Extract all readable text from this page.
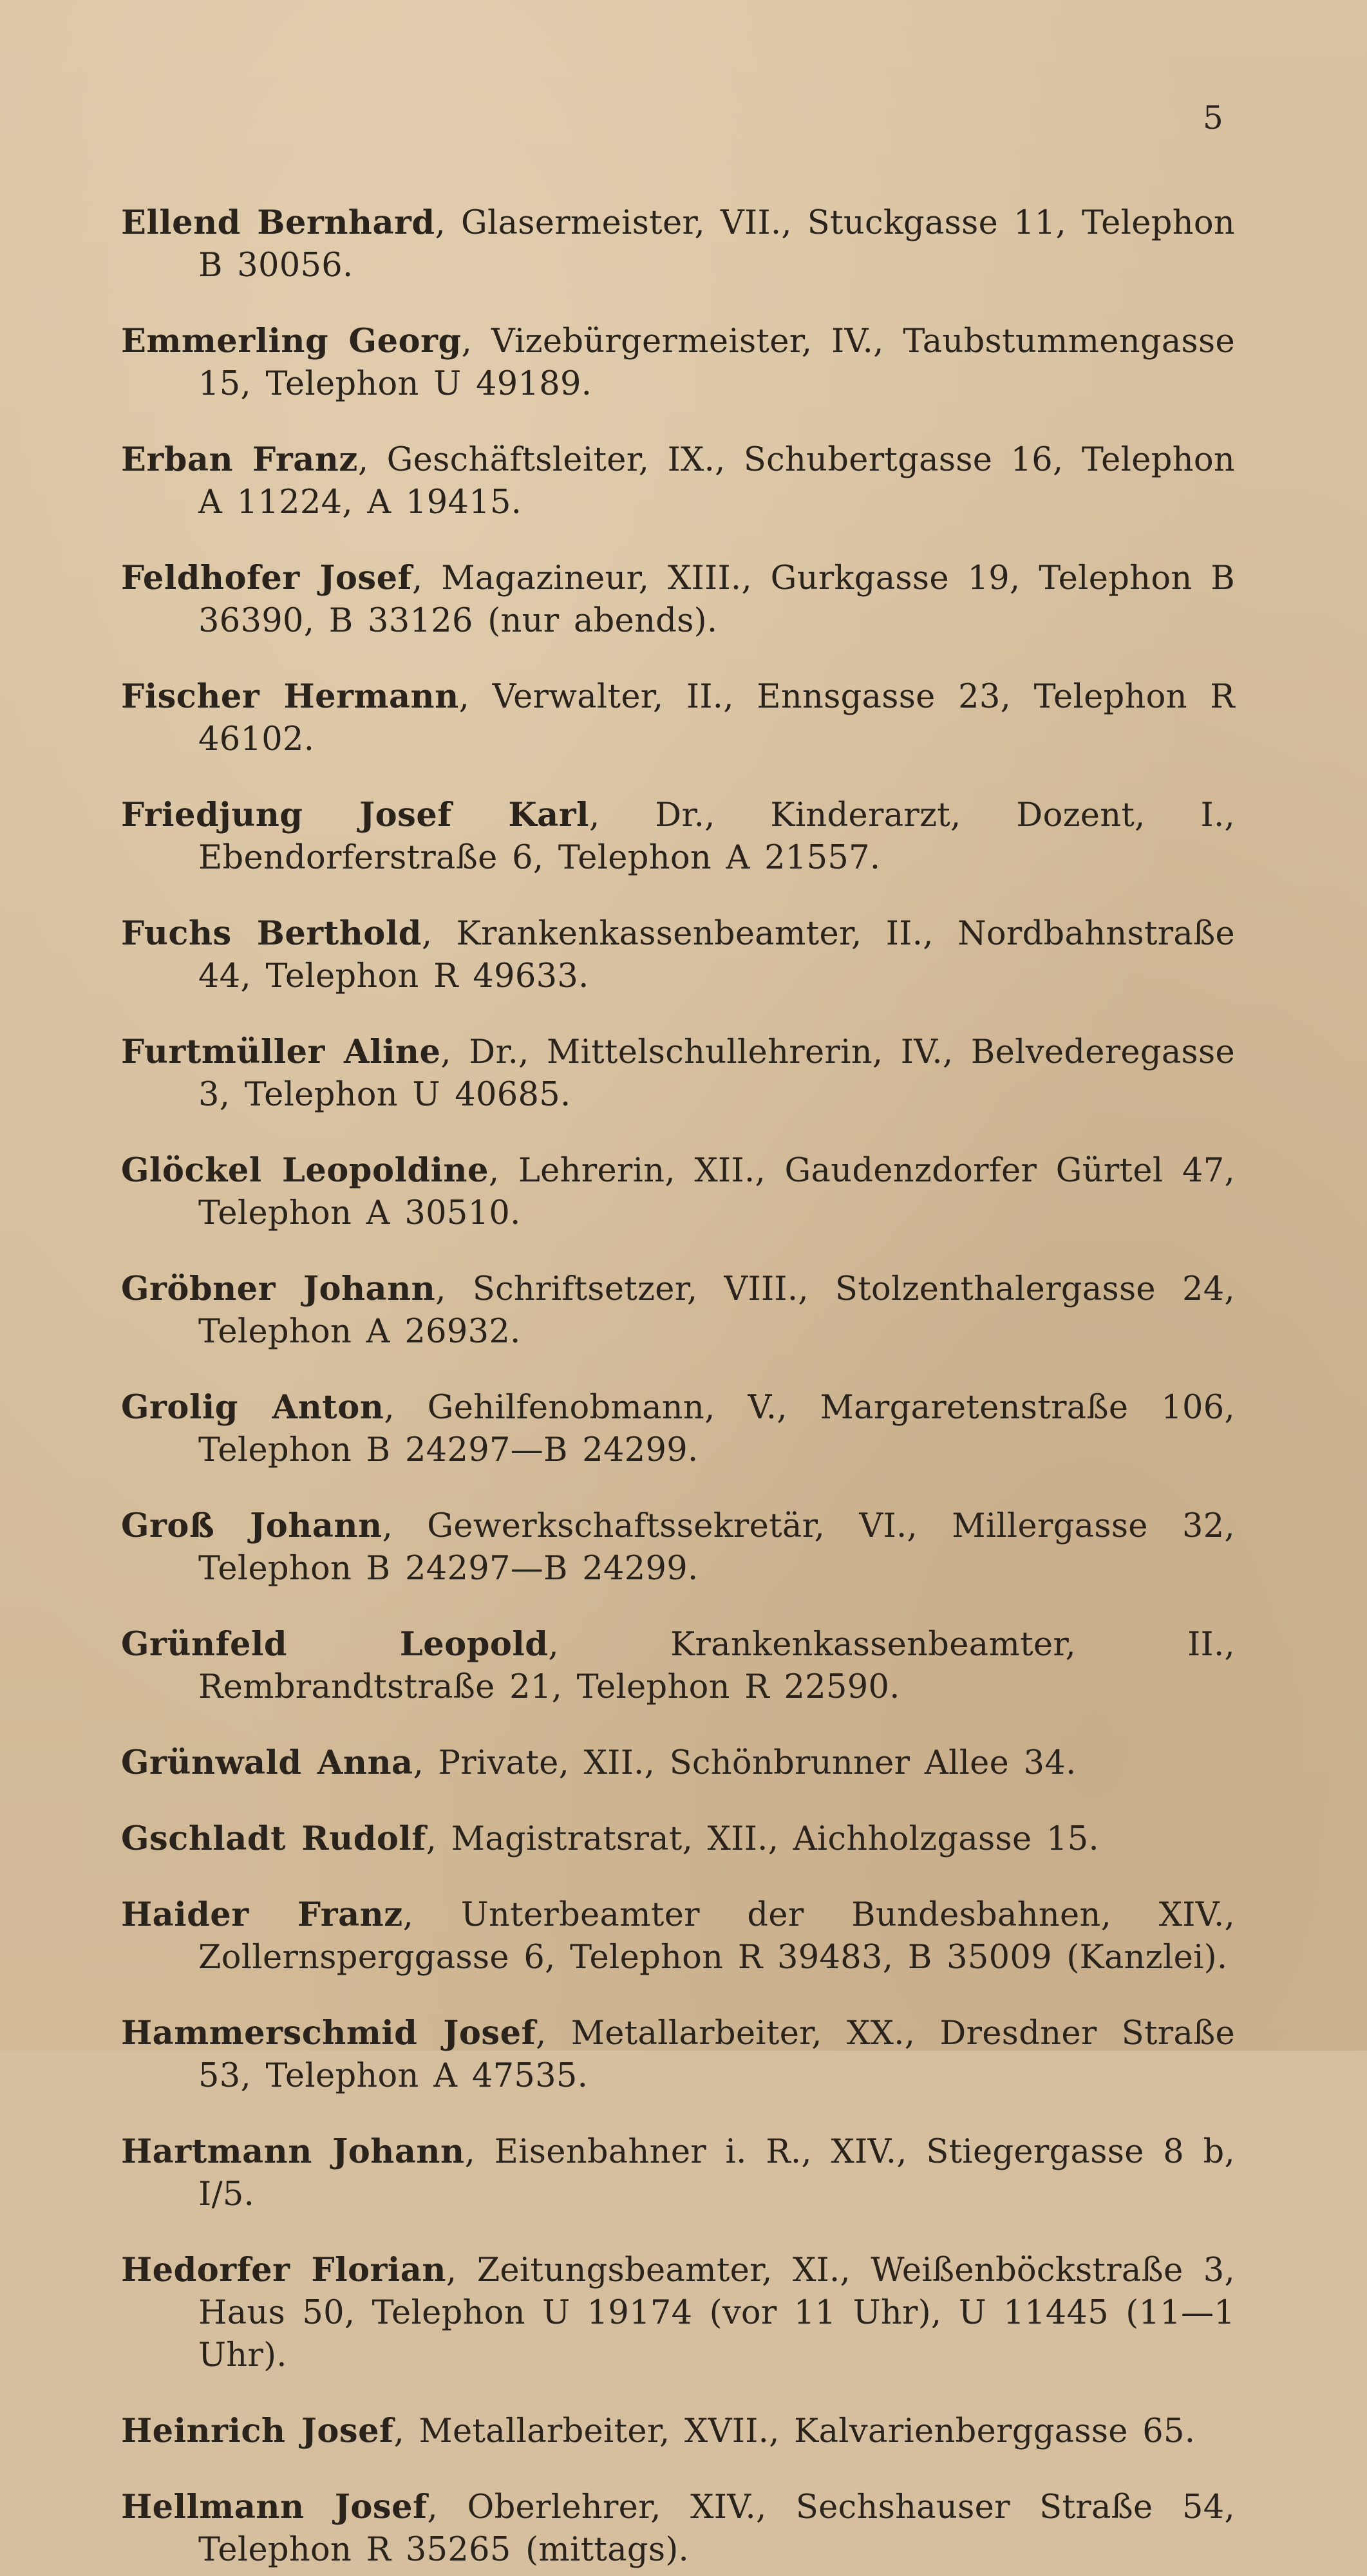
5

Ellend Bernhard, Glasermeister, VII., Stuckgasse 11, Telephon B 30056.

Emmerling Georg, Vizebürgermeister, IV., Taubstummengasse 15, Telephon U 49189.

Erban Franz, Geschäftsleiter, IX., Schubertgasse 16, Telephon A 11224, A 19415.

Feldhofer Josef, Magazineur, XIII., Gurkgasse 19, Telephon B 36390, B 33126 (nur abends).

Fischer Hermann, Verwalter, II., Ennsgasse 23, Telephon R 46102.

Friedjung Josef Karl, Dr., Kinderarzt, Dozent, I., Ebendorferstraße 6, Telephon A 21557.

Fuchs Berthold, Krankenkassenbeamter, II., Nordbahnstraße 44, Telephon R 49633.

Furtmüller Aline, Dr., Mittelschullehrerin, IV., Belvederegasse 3, Telephon U 40685.

Glöckel Leopoldine, Lehrerin, XII., Gaudenzdorfer Gürtel 47, Telephon A 30510.

Gröbner Johann, Schriftsetzer, VIII., Stolzenthalergasse 24, Telephon A 26932.

Grolig Anton, Gehilfenobmann, V., Margaretenstraße 106, Telephon B 24297—B 24299.

Groß Johann, Gewerkschaftssekretär, VI., Millergasse 32, Telephon B 24297—B 24299.

Grünfeld Leopold, Krankenkassenbeamter, II., Rembrandtstraße 21, Telephon R 22590.

Grünwald Anna, Private, XII., Schönbrunner Allee 34.

Gschladt Rudolf, Magistratsrat, XII., Aichholzgasse 15.

Haider Franz, Unterbeamter der Bundesbahnen, XIV., Zollernsperggasse 6, Telephon R 39483, B 35009 (Kanzlei).

Hammerschmid Josef, Metallarbeiter, XX., Dresdner Straße 53, Telephon A 47535.

Hartmann Johann, Eisenbahner i. R., XIV., Stiegergasse 8 b, I/5.

Hedorfer Florian, Zeitungsbeamter, XI., Weißenböckstraße 3, Haus 50, Telephon U 19174 (vor 11 Uhr), U 11445 (11—1 Uhr).

Heinrich Josef, Metallarbeiter, XVII., Kalvarienberggasse 65.

Hellmann Josef, Oberlehrer, XIV., Sechshauser Straße 54, Telephon R 35265 (mittags).
